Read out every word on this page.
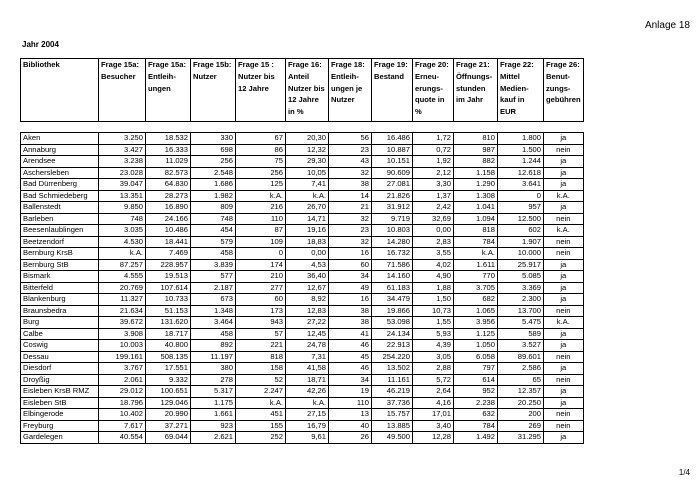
Anlage 18
Jahr 2004
Bibliothek	Frage 15a: Besucher	Frage 15a: Entleih-ungen	Frage 15b: Nutzer	Frage 15 : Nutzer bis 12 Jahre	Frage 16: Anteil Nutzer bis 12 Jahre in %	Frage 18: Entleih-ungen je Nutzer	Frage 19: Bestand	Frage 20: Erneu-erungs-quote in %	Frage 21: Öffnungs-stunden im Jahr	Frage 22: Mittel Medien-kauf in EUR	Frage 26: Benut-zungs-gebühren

Aken	3.250	18.532	330	67	20,30	56	16.486	1,72	810	1.800	ja
Annaburg	3.427	16.333	698	86	12,32	23	10.887	0,72	987	1.500	nein
Arendsee	3.238	11.029	256	75	29,30	43	10.151	1,92	882	1.244	ja
Aschersleben	23.028	82.573	2.548	256	10,05	32	90.609	2,12	1.158	12.618	ja
Bad Dürrenberg	39.047	64.830	1.686	125	7,41	38	27.081	3,30	1.290	3.641	ja
Bad Schmiedeberg	13.351	28.273	1.982	k.A.	k.A.	14	21.826	1,37	1.308	0	k.A.
Ballenstedt	9.850	16.890	809	216	26,70	21	31.912	2,42	1.041	957	ja
Barleben	748	24.166	748	110	14,71	32	9.719	32,69	1.094	12.500	nein
Beesenlaublingen	3.035	10.486	454	87	19,16	23	10.803	0,00	818	602	k.A.
Beetzendorf	4.530	18.441	579	109	18,83	32	14.280	2,83	784	1.907	nein
Bernburg KrsB	k.A.	7.469	458	0	0,00	16	16.732	3,55	k.A.	10.000	nein
Bernburg StB	87.257	228.957	3.839	174	4,53	60	71.586	4,02	1.611	25.917	ja
Bismark	4.555	19.513	577	210	36,40	34	14.160	4,90	770	5.085	ja
Bitterfeld	20.769	107.614	2.187	277	12,67	49	61.183	1,88	3.705	3.369	ja
Blankenburg	11.327	10.733	673	60	8,92	16	34.479	1,50	682	2.300	ja
Braunsbedra	21.634	51.153	1.348	173	12,83	38	19.866	10,73	1.065	13.700	nein
Burg	39.672	131.620	3.464	943	27,22	38	53.098	1,55	3.956	5.475	k.A.
Calbe	3.908	18.717	458	57	12,45	41	24.134	5,93	1.125	589	ja
Coswig	10.003	40.800	892	221	24,78	46	22.913	4,39	1.050	3.527	ja
Dessau	199.161	508.135	11.197	818	7,31	45	254.220	3,05	6.058	89.601	nein
Diesdorf	3.767	17.551	380	158	41,58	46	13.502	2,88	797	2.586	ja
Droyßig	2.061	9.332	278	52	18,71	34	11.161	5,72	614	65	nein
Eisleben KrsB RMZ	29.012	100.651	5.317	2.247	42,26	19	46.219	2,64	952	12.357	ja
Eisleben StB	18.796	129.046	1.175	k.A.	k.A.	110	37.736	4,16	2.238	20.250	ja
Elbingerode	10.402	20.990	1.661	451	27,15	13	15.757	17,01	632	200	nein
Freyburg	7.617	37.271	923	155	16,79	40	13.885	3,40	784	269	nein
Gardelegen	40.554	69.044	2.621	252	9,61	26	49.500	12,28	1.492	31.295	ja
1/4
